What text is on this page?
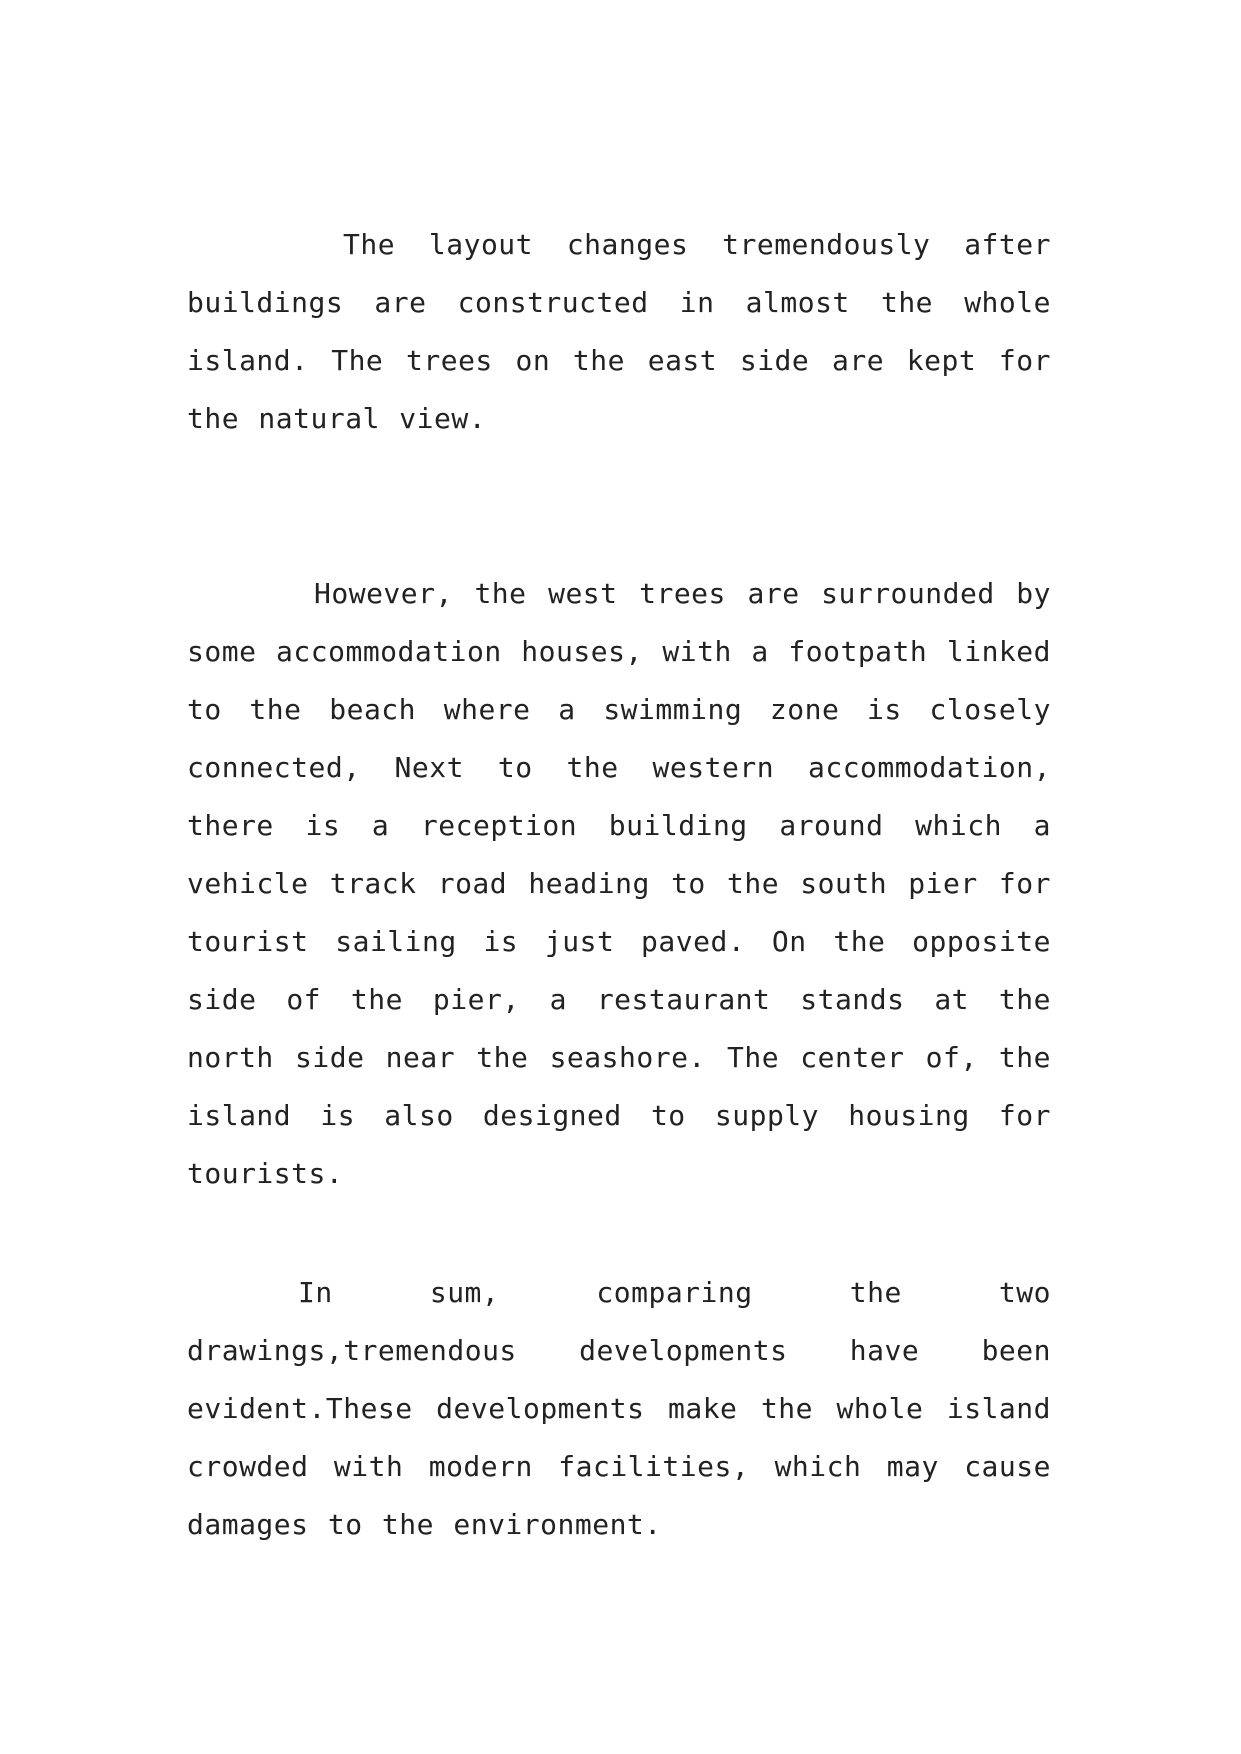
The layout changes tremendously after buildings are constructed in almost the whole island. The trees on the east side are kept for the natural view.

However, the west trees are surrounded by some accommodation houses, with a footpath linked to the beach where a swimming zone is closely connected, Next to the western accommodation, there is a reception building around which a vehicle track road heading to the south pier for tourist sailing is just paved. On the opposite side of the pier, a restaurant stands at the north side near the seashore. The center of, the island is also designed to supply housing for tourists.

In sum, comparing the two drawings,tremendous developments have been evident.These developments make the whole island crowded with modern facilities, which may cause damages to the environment.
